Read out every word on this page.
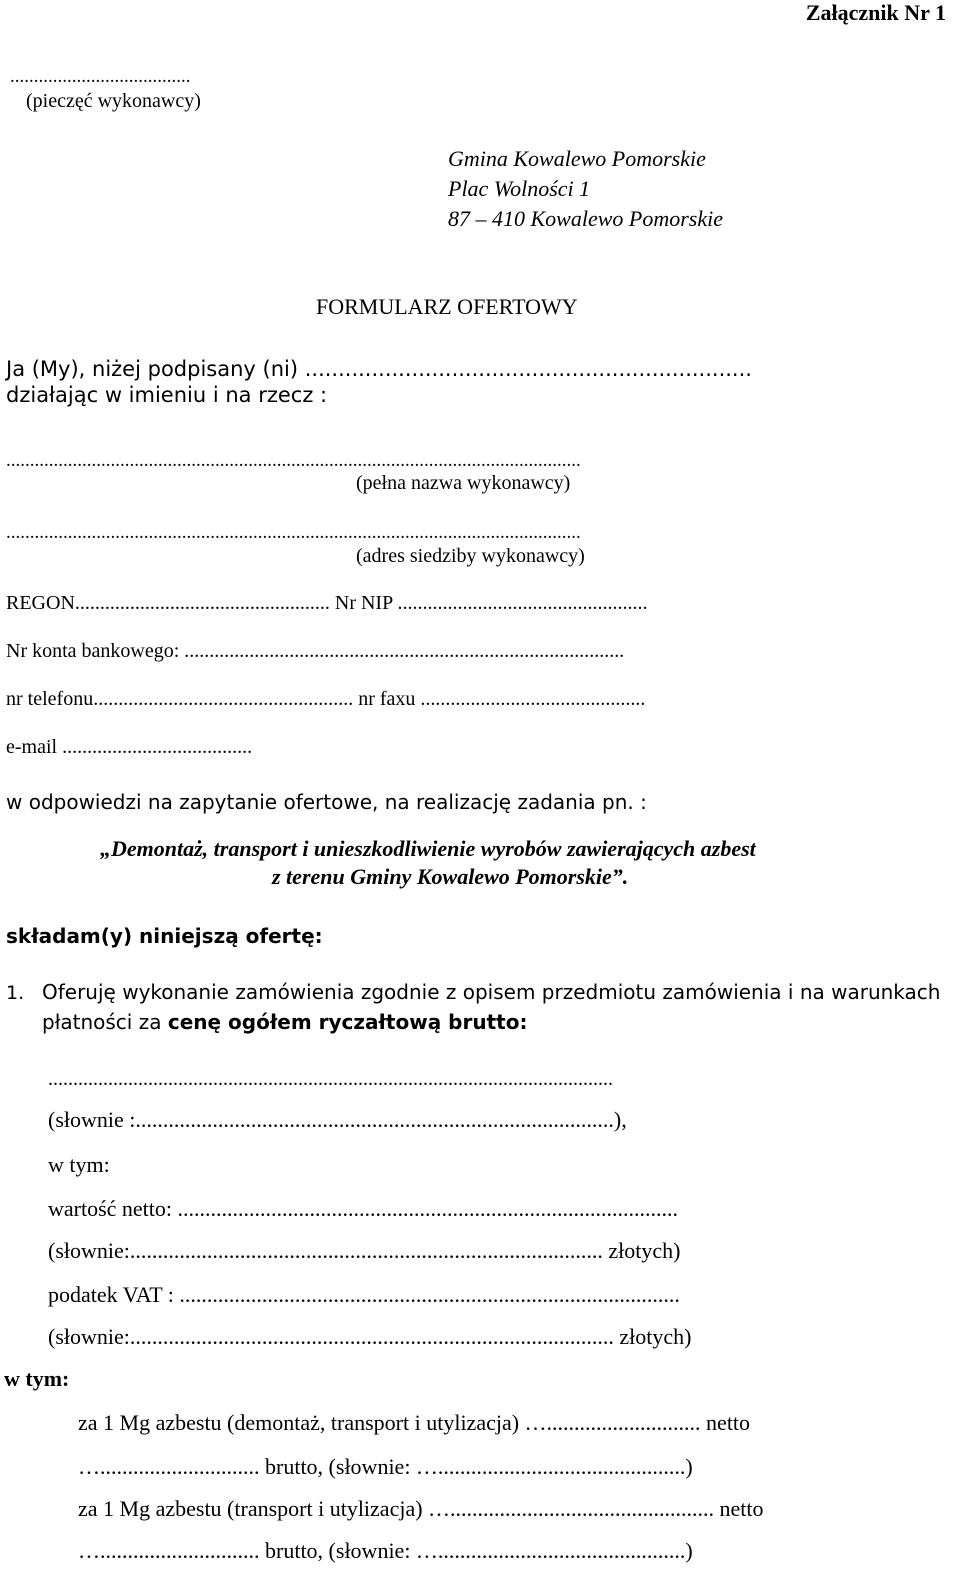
Załącznik Nr 1
......................................
(pieczęć wykonawcy)
Gmina Kowalewo Pomorskie
Plac Wolności 1
87 – 410 Kowalewo Pomorskie
FORMULARZ OFERTOWY
Ja (My), niżej podpisany (ni) ...................................................................
działając w imieniu i na rzecz :
.........................................................................................................................
(pełna nazwa wykonawcy)
.........................................................................................................................
(adres siedziby wykonawcy)
REGON................................................... Nr NIP ..................................................
Nr konta bankowego: ........................................................................................
nr telefonu.................................................... nr faxu .............................................
e-mail ......................................
w odpowiedzi na zapytanie ofertowe, na realizację zadania pn. :
„Demontaż, transport i unieszkodliwienie wyrobów zawierających azbest
z terenu Gminy Kowalewo Pomorskie”.
składam(y) niniejszą ofertę:
1. Oferuję wykonanie zamówienia zgodnie z opisem przedmiotu zamówienia i na warunkach
płatności za cenę ogółem ryczałtową brutto:
.................................................................................................................
(słownie :.......................................................................................),
w tym:
wartość netto: ...........................................................................................
(słownie:...................................................................................... złotych)
podatek VAT : ...........................................................................................
(słownie:........................................................................................ złotych)
w tym:
za 1 Mg azbestu (demontaż, transport i utylizacja) …............................ netto
…............................. brutto, (słownie: ….............................................)
za 1 Mg azbestu (transport i utylizacja) …................................................ netto
…............................. brutto, (słownie: ….............................................)
